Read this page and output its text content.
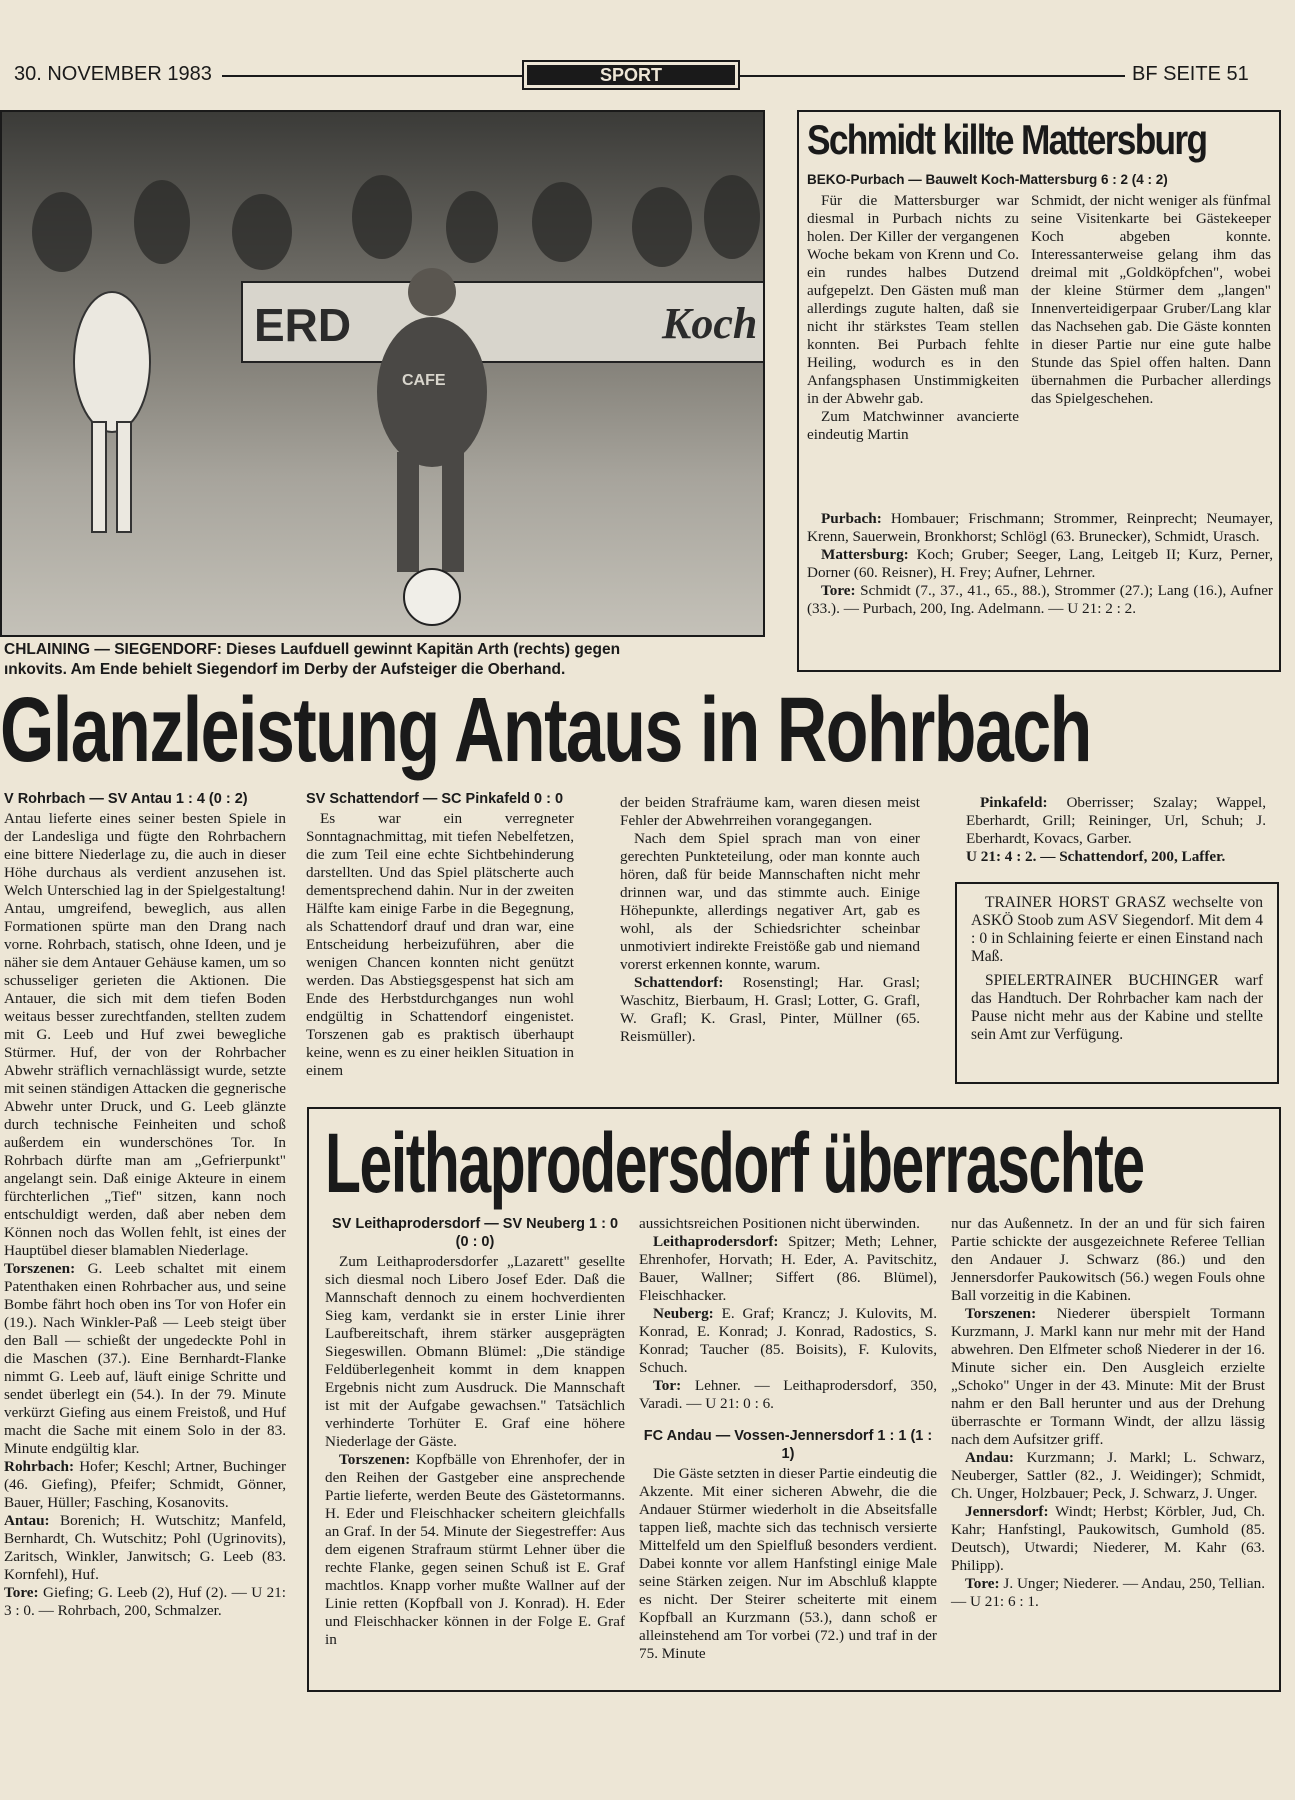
30. NOVEMBER 1983	SPORT	BF SEITE 51
ERD	Koch
CAFE
CHLAINING — SIEGENDORF: Dieses Laufduell gewinnt Kapitän Arth (rechts) gegen
ınkovits. Am Ende behielt Siegendorf im Derby der Aufsteiger die Oberhand.
Schmidt killte Mattersburg
BEKO-Purbach — Bauwelt Koch-Mattersburg 6 : 2 (4 : 2)

Für die Mattersburger war diesmal in Purbach nichts zu holen. Der Killer der vergangenen Woche bekam von Krenn und Co. ein rundes halbes Dutzend aufgepelzt. Den Gästen muß man allerdings zugute halten, daß sie nicht ihr stärkstes Team stellen konnten. Bei Purbach fehlte Heiling, wodurch es in den Anfangsphasen Unstimmigkeiten in der Abwehr gab.

Zum Matchwinner avancierte eindeutig Martin

Schmidt, der nicht weniger als fünfmal seine Visitenkarte bei Gästekeeper Koch abgeben konnte. Interessanterweise gelang ihm das dreimal mit „Goldköpfchen", wobei der kleine Stürmer dem „langen" Innenverteidigerpaar Gruber/Lang klar das Nachsehen gab. Die Gäste konnten in dieser Partie nur eine gute halbe Stunde das Spiel offen halten. Dann übernahmen die Purbacher allerdings das Spielgeschehen.

Purbach: Hombauer; Frischmann; Strommer, Reinprecht; Neumayer, Krenn, Sauerwein, Bronkhorst; Schlögl (63. Brunecker), Schmidt, Urasch.

Mattersburg: Koch; Gruber; Seeger, Lang, Leitgeb II; Kurz, Perner, Dorner (60. Reisner), H. Frey; Aufner, Lehrner.

Tore: Schmidt (7., 37., 41., 65., 88.), Strommer (27.); Lang (16.), Aufner (33.). — Purbach, 200, Ing. Adelmann. — U 21: 2 : 2.

Glanzleistung Antaus in Rohrbach
V Rohrbach — SV Antau 1 : 4 (0 : 2)

Antau lieferte eines seiner besten Spiele in der Landesliga und fügte den Rohrbachern eine bittere Niederlage zu, die auch in dieser Höhe durchaus als verdient anzusehen ist. Welch Unterschied lag in der Spielgestaltung! Antau, umgreifend, beweglich, aus allen Formationen spürte man den Drang nach vorne. Rohrbach, statisch, ohne Ideen, und je näher sie dem Antauer Gehäuse kamen, um so schusseliger gerieten die Aktionen. Die Antauer, die sich mit dem tiefen Boden weitaus besser zurechtfanden, stellten zudem mit G. Leeb und Huf zwei bewegliche Stürmer. Huf, der von der Rohrbacher Abwehr sträflich vernachlässigt wurde, setzte mit seinen ständigen Attacken die gegnerische Abwehr unter Druck, und G. Leeb glänzte durch technische Feinheiten und schoß außerdem ein wunderschönes Tor. In Rohrbach dürfte man am „Gefrierpunkt" angelangt sein. Daß einige Akteure in einem fürchterlichen „Tief" sitzen, kann noch entschuldigt werden, daß aber neben dem Können noch das Wollen fehlt, ist eines der Hauptübel dieser blamablen Niederlage.

Torszenen: G. Leeb schaltet mit einem Patenthaken einen Rohrbacher aus, und seine Bombe fährt hoch oben ins Tor von Hofer ein (19.). Nach Winkler-Paß — Leeb steigt über den Ball — schießt der ungedeckte Pohl in die Maschen (37.). Eine Bernhardt-Flanke nimmt G. Leeb auf, läuft einige Schritte und sendet überlegt ein (54.). In der 79. Minute verkürzt Giefing aus einem Freistoß, und Huf macht die Sache mit einem Solo in der 83. Minute endgültig klar.

Rohrbach: Hofer; Keschl; Artner, Buchinger (46. Giefing), Pfeifer; Schmidt, Gönner, Bauer, Hüller; Fasching, Kosanovits.

Antau: Borenich; H. Wutschitz; Manfeld, Bernhardt, Ch. Wutschitz; Pohl (Ugrinovits), Zaritsch, Winkler, Janwitsch; G. Leeb (83. Kornfehl), Huf.

Tore: Giefing; G. Leeb (2), Huf (2). — U 21: 3 : 0. — Rohrbach, 200, Schmalzer.

SV Schattendorf — SC Pinkafeld 0 : 0

Es war ein verregneter Sonntagnachmittag, mit tiefen Nebelfetzen, die zum Teil eine echte Sichtbehinderung darstellten. Und das Spiel plätscherte auch dementsprechend dahin. Nur in der zweiten Hälfte kam einige Farbe in die Begegnung, als Schattendorf drauf und dran war, eine Entscheidung herbeizuführen, aber die wenigen Chancen konnten nicht genützt werden. Das Abstiegsgespenst hat sich am Ende des Herbstdurchganges nun wohl endgültig in Schattendorf eingenistet. Torszenen gab es praktisch überhaupt keine, wenn es zu einer heiklen Situation in einem

der beiden Strafräume kam, waren diesen meist Fehler der Abwehrreihen vorangegangen.

Nach dem Spiel sprach man von einer gerechten Punkteteilung, oder man konnte auch hören, daß für beide Mannschaften nicht mehr drinnen war, und das stimmte auch. Einige Höhepunkte, allerdings negativer Art, gab es wohl, als der Schiedsrichter scheinbar unmotiviert indirekte Freistöße gab und niemand vorerst erkennen konnte, warum.

Schattendorf: Rosenstingl; Har. Grasl; Waschitz, Bierbaum, H. Grasl; Lotter, G. Grafl, W. Grafl; K. Grasl, Pinter, Müllner (65. Reismüller).

Pinkafeld: Oberrisser; Szalay; Wappel, Eberhardt, Grill; Reininger, Url, Schuh; J. Eberhardt, Kovacs, Garber.

U 21: 4 : 2. — Schattendorf, 200, Laffer.

TRAINER HORST GRASZ wechselte von ASKÖ Stoob zum ASV Siegendorf. Mit dem 4 : 0 in Schlaining feierte er einen Einstand nach Maß.

SPIELERTRAINER BUCHINGER warf das Handtuch. Der Rohrbacher kam nach der Pause nicht mehr aus der Kabine und stellte sein Amt zur Verfügung.

Leithaprodersdorf überraschte
SV Leithaprodersdorf — SV Neuberg 1 : 0 (0 : 0)

Zum Leithaprodersdorfer „Lazarett" gesellte sich diesmal noch Libero Josef Eder. Daß die Mannschaft dennoch zu einem hochverdienten Sieg kam, verdankt sie in erster Linie ihrer Laufbereitschaft, ihrem stärker ausgeprägten Siegeswillen. Obmann Blümel: „Die ständige Feldüberlegenheit kommt in dem knappen Ergebnis nicht zum Ausdruck. Die Mannschaft ist mit der Aufgabe gewachsen." Tatsächlich verhinderte Torhüter E. Graf eine höhere Niederlage der Gäste.

Torszenen: Kopfbälle von Ehrenhofer, der in den Reihen der Gastgeber eine ansprechende Partie lieferte, werden Beute des Gästetormanns. H. Eder und Fleischhacker scheitern gleichfalls an Graf. In der 54. Minute der Siegestreffer: Aus dem eigenen Strafraum stürmt Lehner über die rechte Flanke, gegen seinen Schuß ist E. Graf machtlos. Knapp vorher mußte Wallner auf der Linie retten (Kopfball von J. Konrad). H. Eder und Fleischhacker können in der Folge E. Graf in

aussichtsreichen Positionen nicht überwinden.

Leithaprodersdorf: Spitzer; Meth; Lehner, Ehrenhofer, Horvath; H. Eder, A. Pavitschitz, Bauer, Wallner; Siffert (86. Blümel), Fleischhacker.

Neuberg: E. Graf; Krancz; J. Kulovits, M. Konrad, E. Konrad; J. Konrad, Radostics, S. Konrad; Taucher (85. Boisits), F. Kulovits, Schuch.

Tor: Lehner. — Leithaprodersdorf, 350, Varadi. — U 21: 0 : 6.

FC Andau — Vossen-Jennersdorf 1 : 1 (1 : 1)

Die Gäste setzten in dieser Partie eindeutig die Akzente. Mit einer sicheren Abwehr, die die Andauer Stürmer wiederholt in die Abseitsfalle tappen ließ, machte sich das technisch versierte Mittelfeld um den Spielfluß besonders verdient. Dabei konnte vor allem Hanfstingl einige Male seine Stärken zeigen. Nur im Abschluß klappte es nicht. Der Steirer scheiterte mit einem Kopfball an Kurzmann (53.), dann schoß er alleinstehend am Tor vorbei (72.) und traf in der 75. Minute

nur das Außennetz. In der an und für sich fairen Partie schickte der ausgezeichnete Referee Tellian den Andauer J. Schwarz (86.) und den Jennersdorfer Paukowitsch (56.) wegen Fouls ohne Ball vorzeitig in die Kabinen.

Torszenen: Niederer überspielt Tormann Kurzmann, J. Markl kann nur mehr mit der Hand abwehren. Den Elfmeter schoß Niederer in der 16. Minute sicher ein. Den Ausgleich erzielte „Schoko" Unger in der 43. Minute: Mit der Brust nahm er den Ball herunter und aus der Drehung überraschte er Tormann Windt, der allzu lässig nach dem Aufsitzer griff.

Andau: Kurzmann; J. Markl; L. Schwarz, Neuberger, Sattler (82., J. Weidinger); Schmidt, Ch. Unger, Holzbauer; Peck, J. Schwarz, J. Unger.

Jennersdorf: Windt; Herbst; Körbler, Jud, Ch. Kahr; Hanfstingl, Paukowitsch, Gumhold (85. Deutsch), Utwardi; Niederer, M. Kahr (63. Philipp).

Tore: J. Unger; Niederer. — Andau, 250, Tellian. — U 21: 6 : 1.
